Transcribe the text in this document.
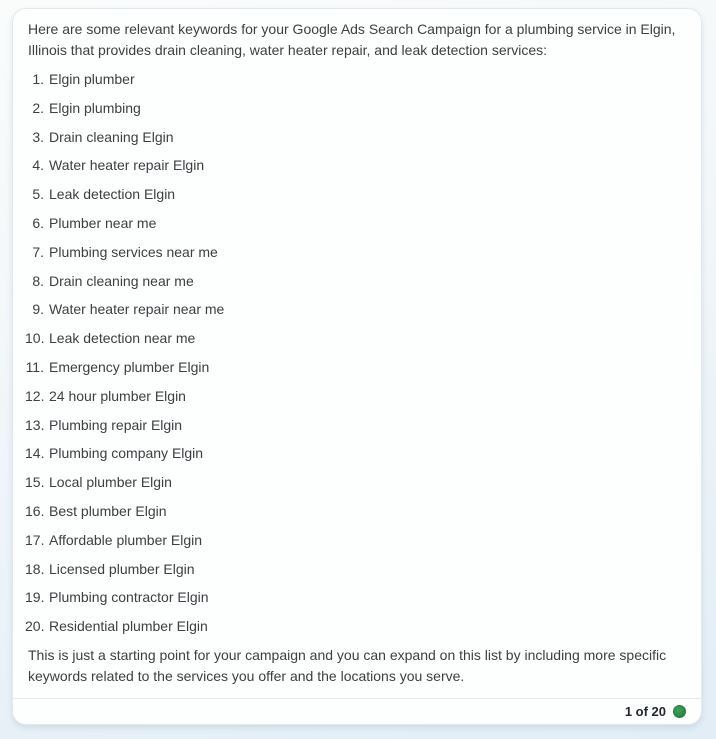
Here are some relevant keywords for your Google Ads Search Campaign for a plumbing service in Elgin, Illinois that provides drain cleaning, water heater repair, and leak detection services:

1. Elgin plumber
2. Elgin plumbing
3. Drain cleaning Elgin
4. Water heater repair Elgin
5. Leak detection Elgin
6. Plumber near me
7. Plumbing services near me
8. Drain cleaning near me
9. Water heater repair near me
10. Leak detection near me
11. Emergency plumber Elgin
12. 24 hour plumber Elgin
13. Plumbing repair Elgin
14. Plumbing company Elgin
15. Local plumber Elgin
16. Best plumber Elgin
17. Affordable plumber Elgin
18. Licensed plumber Elgin
19. Plumbing contractor Elgin
20. Residential plumber Elgin

This is just a starting point for your campaign and you can expand on this list by including more specific keywords related to the services you offer and the locations you serve.

1 of 20
